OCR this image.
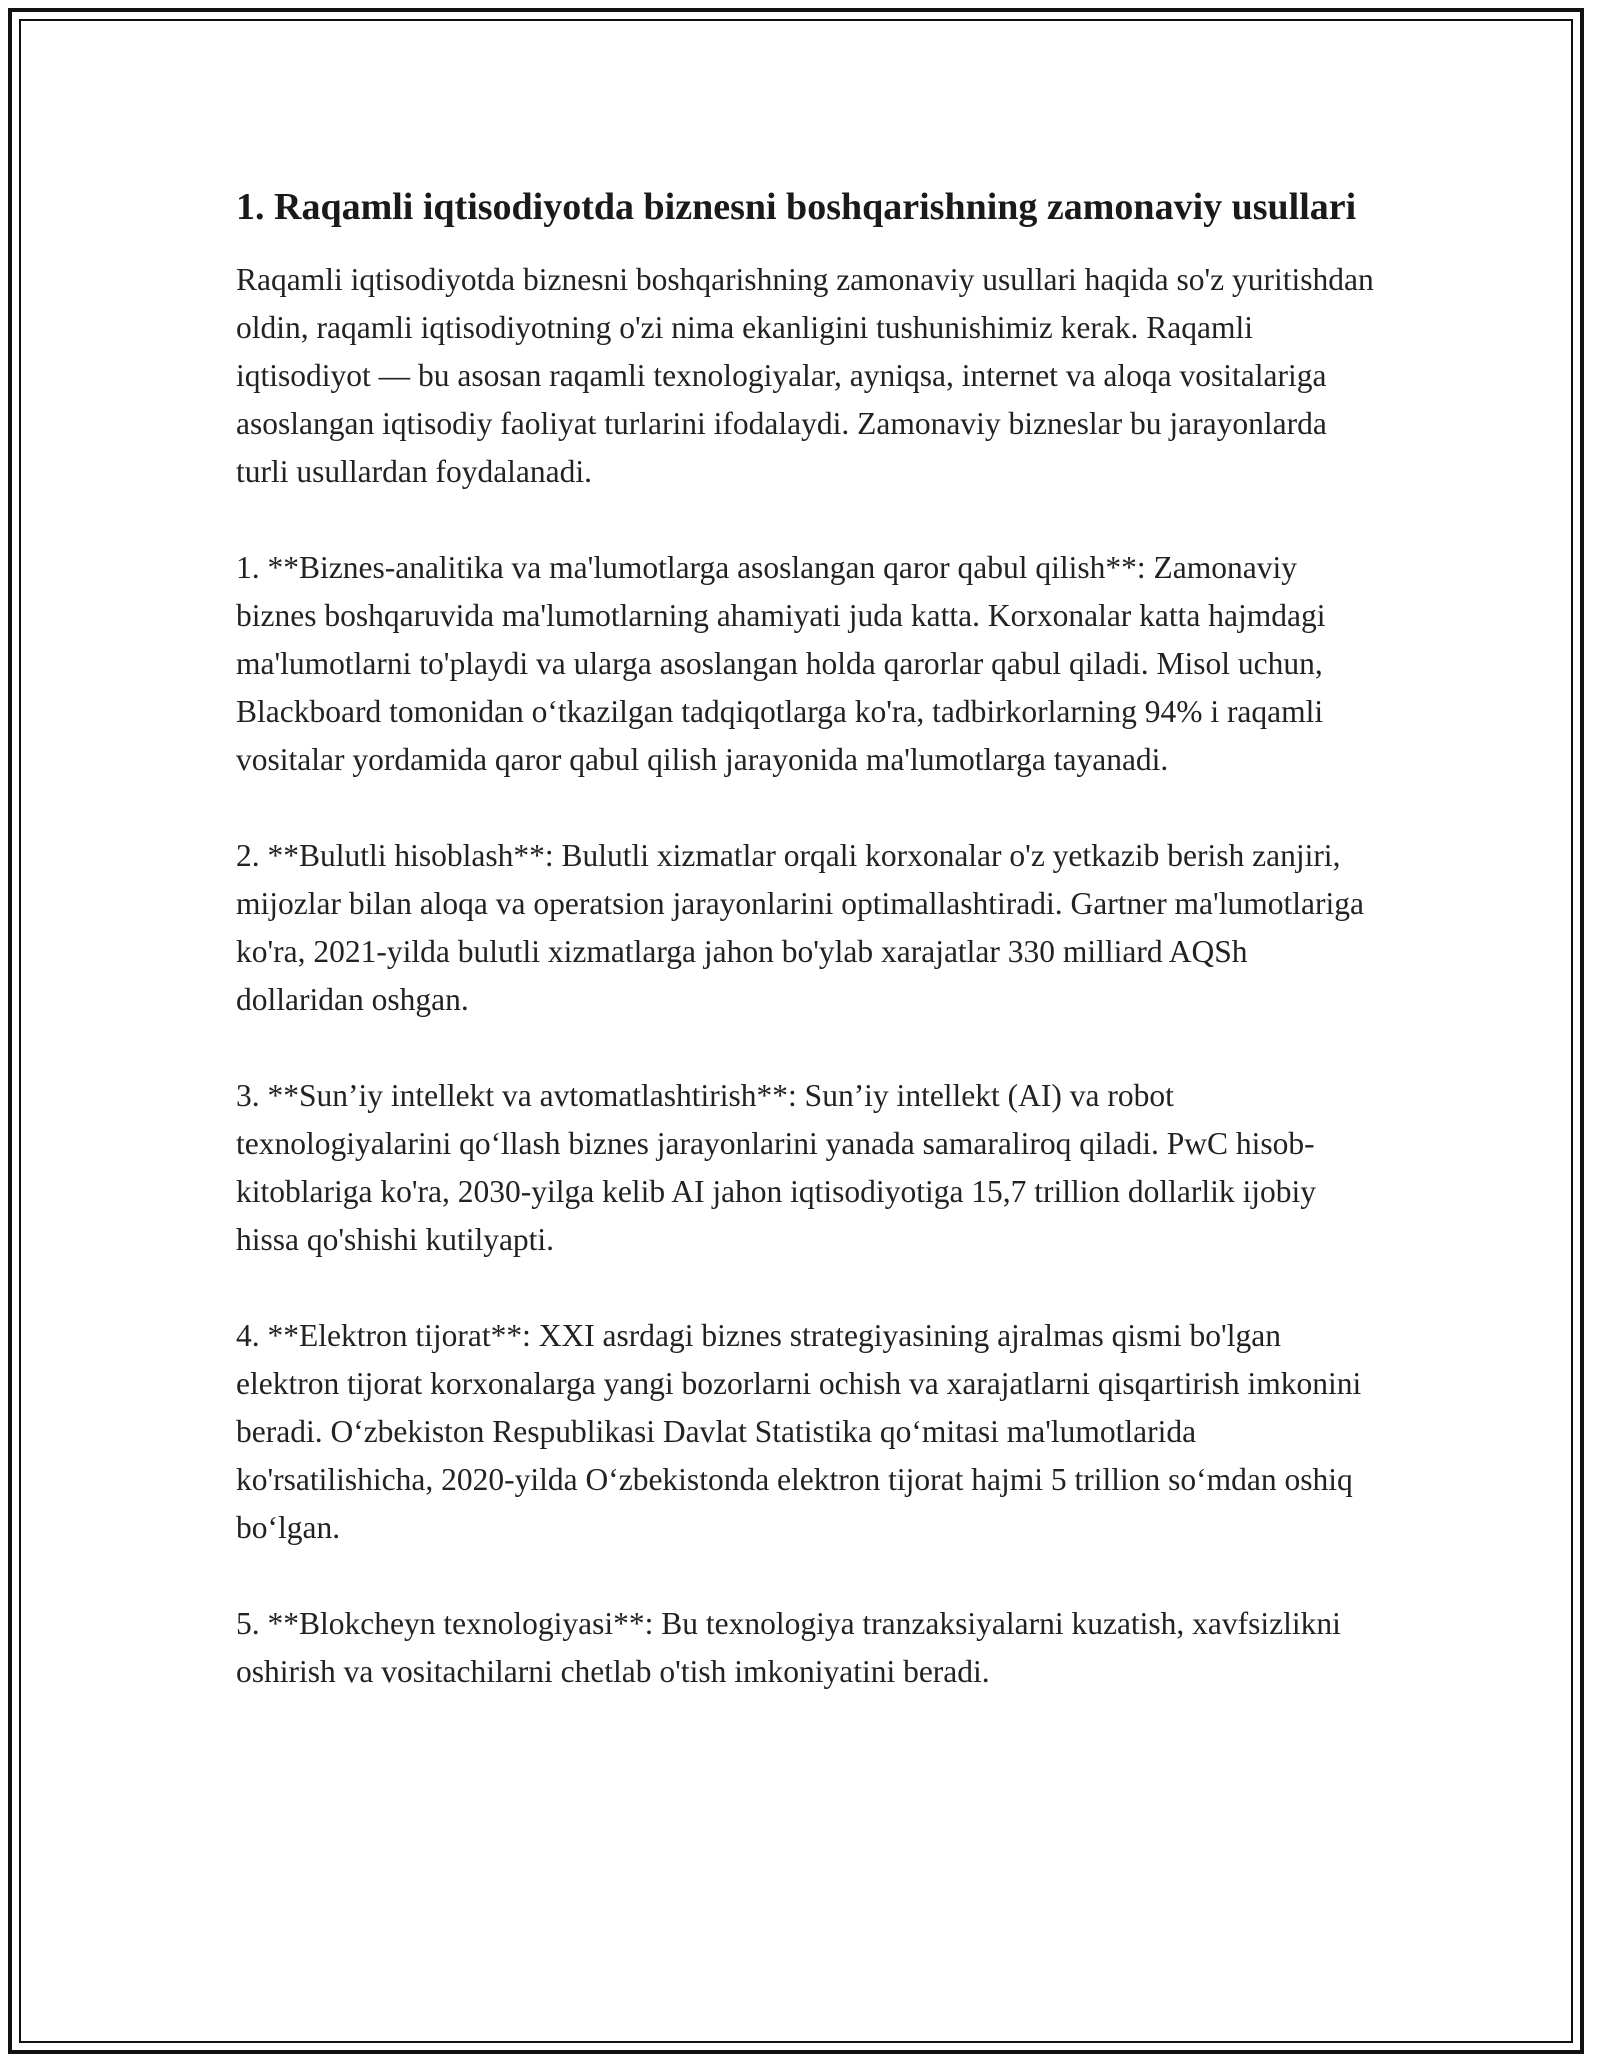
1. Raqamli iqtisodiyotda biznesni boshqarishning zamonaviy usullari

Raqamli iqtisodiyotda biznesni boshqarishning zamonaviy usullari haqida so'z yuritishdan oldin, raqamli iqtisodiyotning o'zi nima ekanligini tushunishimiz kerak. Raqamli iqtisodiyot — bu asosan raqamli texnologiyalar, ayniqsa, internet va aloqa vositalariga asoslangan iqtisodiy faoliyat turlarini ifodalaydi. Zamonaviy bizneslar bu jarayonlarda turli usullardan foydalanadi.

1. **Biznes-analitika va ma'lumotlarga asoslangan qaror qabul qilish**: Zamonaviy biznes boshqaruvida ma'lumotlarning ahamiyati juda katta. Korxonalar katta hajmdagi ma'lumotlarni to'playdi va ularga asoslangan holda qarorlar qabul qiladi. Misol uchun, Blackboard tomonidan o‘tkazilgan tadqiqotlarga ko'ra, tadbirkorlarning 94% i raqamli vositalar yordamida qaror qabul qilish jarayonida ma'lumotlarga tayanadi.

2. **Bulutli hisoblash**: Bulutli xizmatlar orqali korxonalar o'z yetkazib berish zanjiri, mijozlar bilan aloqa va operatsion jarayonlarini optimallashtiradi. Gartner ma'lumotlariga ko'ra, 2021-yilda bulutli xizmatlarga jahon bo'ylab xarajatlar 330 milliard AQSh dollaridan oshgan.

3. **Sun’iy intellekt va avtomatlashtirish**: Sun’iy intellekt (AI) va robot texnologiyalarini qo‘llash biznes jarayonlarini yanada samaraliroq qiladi. PwC hisob-kitoblariga ko'ra, 2030-yilga kelib AI jahon iqtisodiyotiga 15,7 trillion dollarlik ijobiy hissa qo'shishi kutilyapti.

4. **Elektron tijorat**: XXI asrdagi biznes strategiyasining ajralmas qismi bo'lgan elektron tijorat korxonalarga yangi bozorlarni ochish va xarajatlarni qisqartirish imkonini beradi. O‘zbekiston Respublikasi Davlat Statistika qo‘mitasi ma'lumotlarida ko'rsatilishicha, 2020-yilda O‘zbekistonda elektron tijorat hajmi 5 trillion so‘mdan oshiq bo‘lgan.

5. **Blokcheyn texnologiyasi**: Bu texnologiya tranzaksiyalarni kuzatish, xavfsizlikni oshirish va vositachilarni chetlab o'tish imkoniyatini beradi.
